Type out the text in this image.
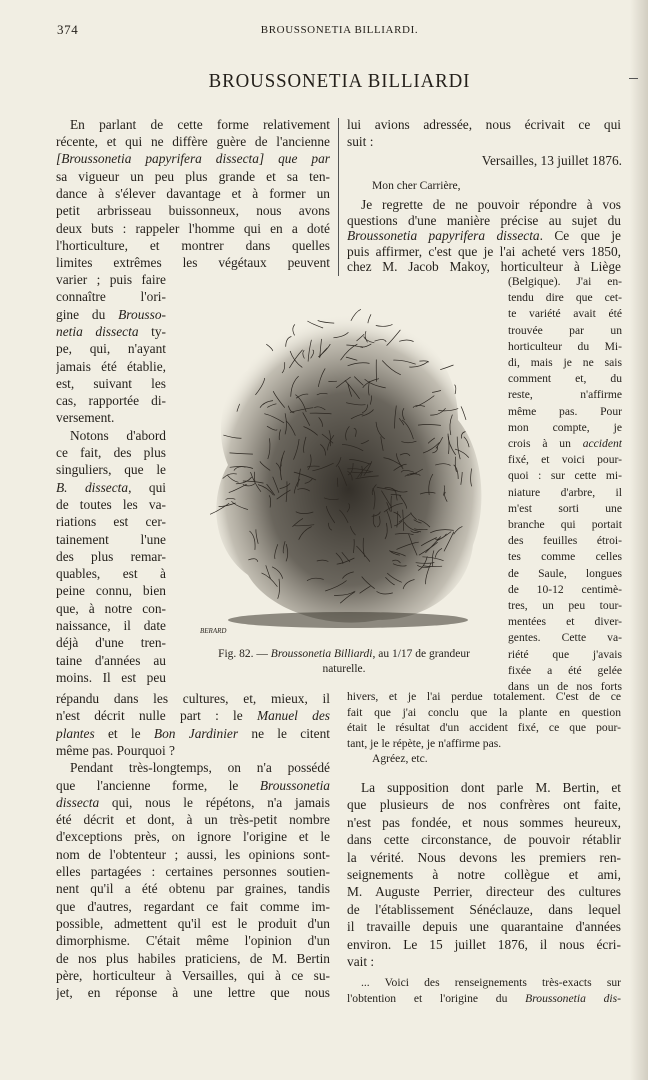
374	BROUSSONETIA BILLIARDI.
BROUSSONETIA BILLIARDI
En parlant de cette forme relativement
récente, et qui ne diffère guère de l'ancienne
[Broussonetia papyrifera dissecta] que par
sa vigueur un peu plus grande et sa ten-
dance à s'élever davantage et à former un
petit arbrisseau buissonneux, nous avons
deux buts : rappeler l'homme qui en a doté
l'horticulture, et montrer dans quelles
limites extrêmes les végétaux peuvent
varier ; puis faire
connaître l'ori-
gine du Brousso-
netia dissecta ty-
pe, qui, n'ayant
jamais été établie,
est, suivant les
cas, rapportée di-
versement.
Notons d'abord
ce fait, des plus
singuliers, que le
B. dissecta, qui
de toutes les va-
riations est cer-
tainement l'une
des plus remar-
quables, est à
peine connu, bien
que, à notre con-
naissance, il date
déjà d'une tren-
taine d'années au
moins. Il est peu
BERARD
Fig. 82. — Broussonetia Billiardi, au 1/17 de grandeur
naturelle.
répandu dans les cultures, et, mieux, il
n'est décrit nulle part : le Manuel des
plantes et le Bon Jardinier ne le citent
même pas. Pourquoi ?
Pendant très-longtemps, on n'a possédé
que l'ancienne forme, le Broussonetia
dissecta qui, nous le répétons, n'a jamais
été décrit et dont, à un très-petit nombre
d'exceptions près, on ignore l'origine et le
nom de l'obtenteur ; aussi, les opinions sont-
elles partagées : certaines personnes soutien-
nent qu'il a été obtenu par graines, tandis
que d'autres, regardant ce fait comme im-
possible, admettent qu'il est le produit d'un
dimorphisme. C'était même l'opinion d'un
de nos plus habiles praticiens, de M. Bertin
père, horticulteur à Versailles, qui à ce su-
jet, en réponse à une lettre que nous
lui avions adressée, nous écrivait ce qui
suit :
Versailles, 13 juillet 1876.
Mon cher Carrière,
Je regrette de ne pouvoir répondre à vos
questions d'une manière précise au sujet du
Broussonetia papyrifera dissecta. Ce que je
puis affirmer, c'est que je l'ai acheté vers 1850,
chez M. Jacob Makoy, horticulteur à Liège
(Belgique). J'ai en-
tendu dire que cet-
te variété avait été
trouvée par un
horticulteur du Mi-
di, mais je ne sais
comment et, du
reste, n'affirme
même pas. Pour
mon compte, je
crois à un accident
fixé, et voici pour-
quoi : sur cette mi-
niature d'arbre, il
m'est sorti une
branche qui portait
des feuilles étroi-
tes comme celles
de Saule, longues
de 10-12 centimè-
tres, un peu tour-
mentées et diver-
gentes. Cette va-
riété que j'avais
fixée a été gelée
dans un de nos forts
hivers, et je l'ai perdue totalement. C'est de ce
fait que j'ai conclu que la plante en question
était le résultat d'un accident fixé, ce que pour-
tant, je le répète, je n'affirme pas.
Agréez, etc.
La supposition dont parle M. Bertin, et
que plusieurs de nos confrères ont faite,
n'est pas fondée, et nous sommes heureux,
dans cette circonstance, de pouvoir rétablir
la vérité. Nous devons les premiers ren-
seignements à notre collègue et ami,
M. Auguste Perrier, directeur des cultures
de l'établissement Sénéclauze, dans lequel
il travaille depuis une quarantaine d'années
environ. Le 15 juillet 1876, il nous écri-
vait :
... Voici des renseignements très-exacts sur
l'obtention et l'origine du Broussonetia dis-
